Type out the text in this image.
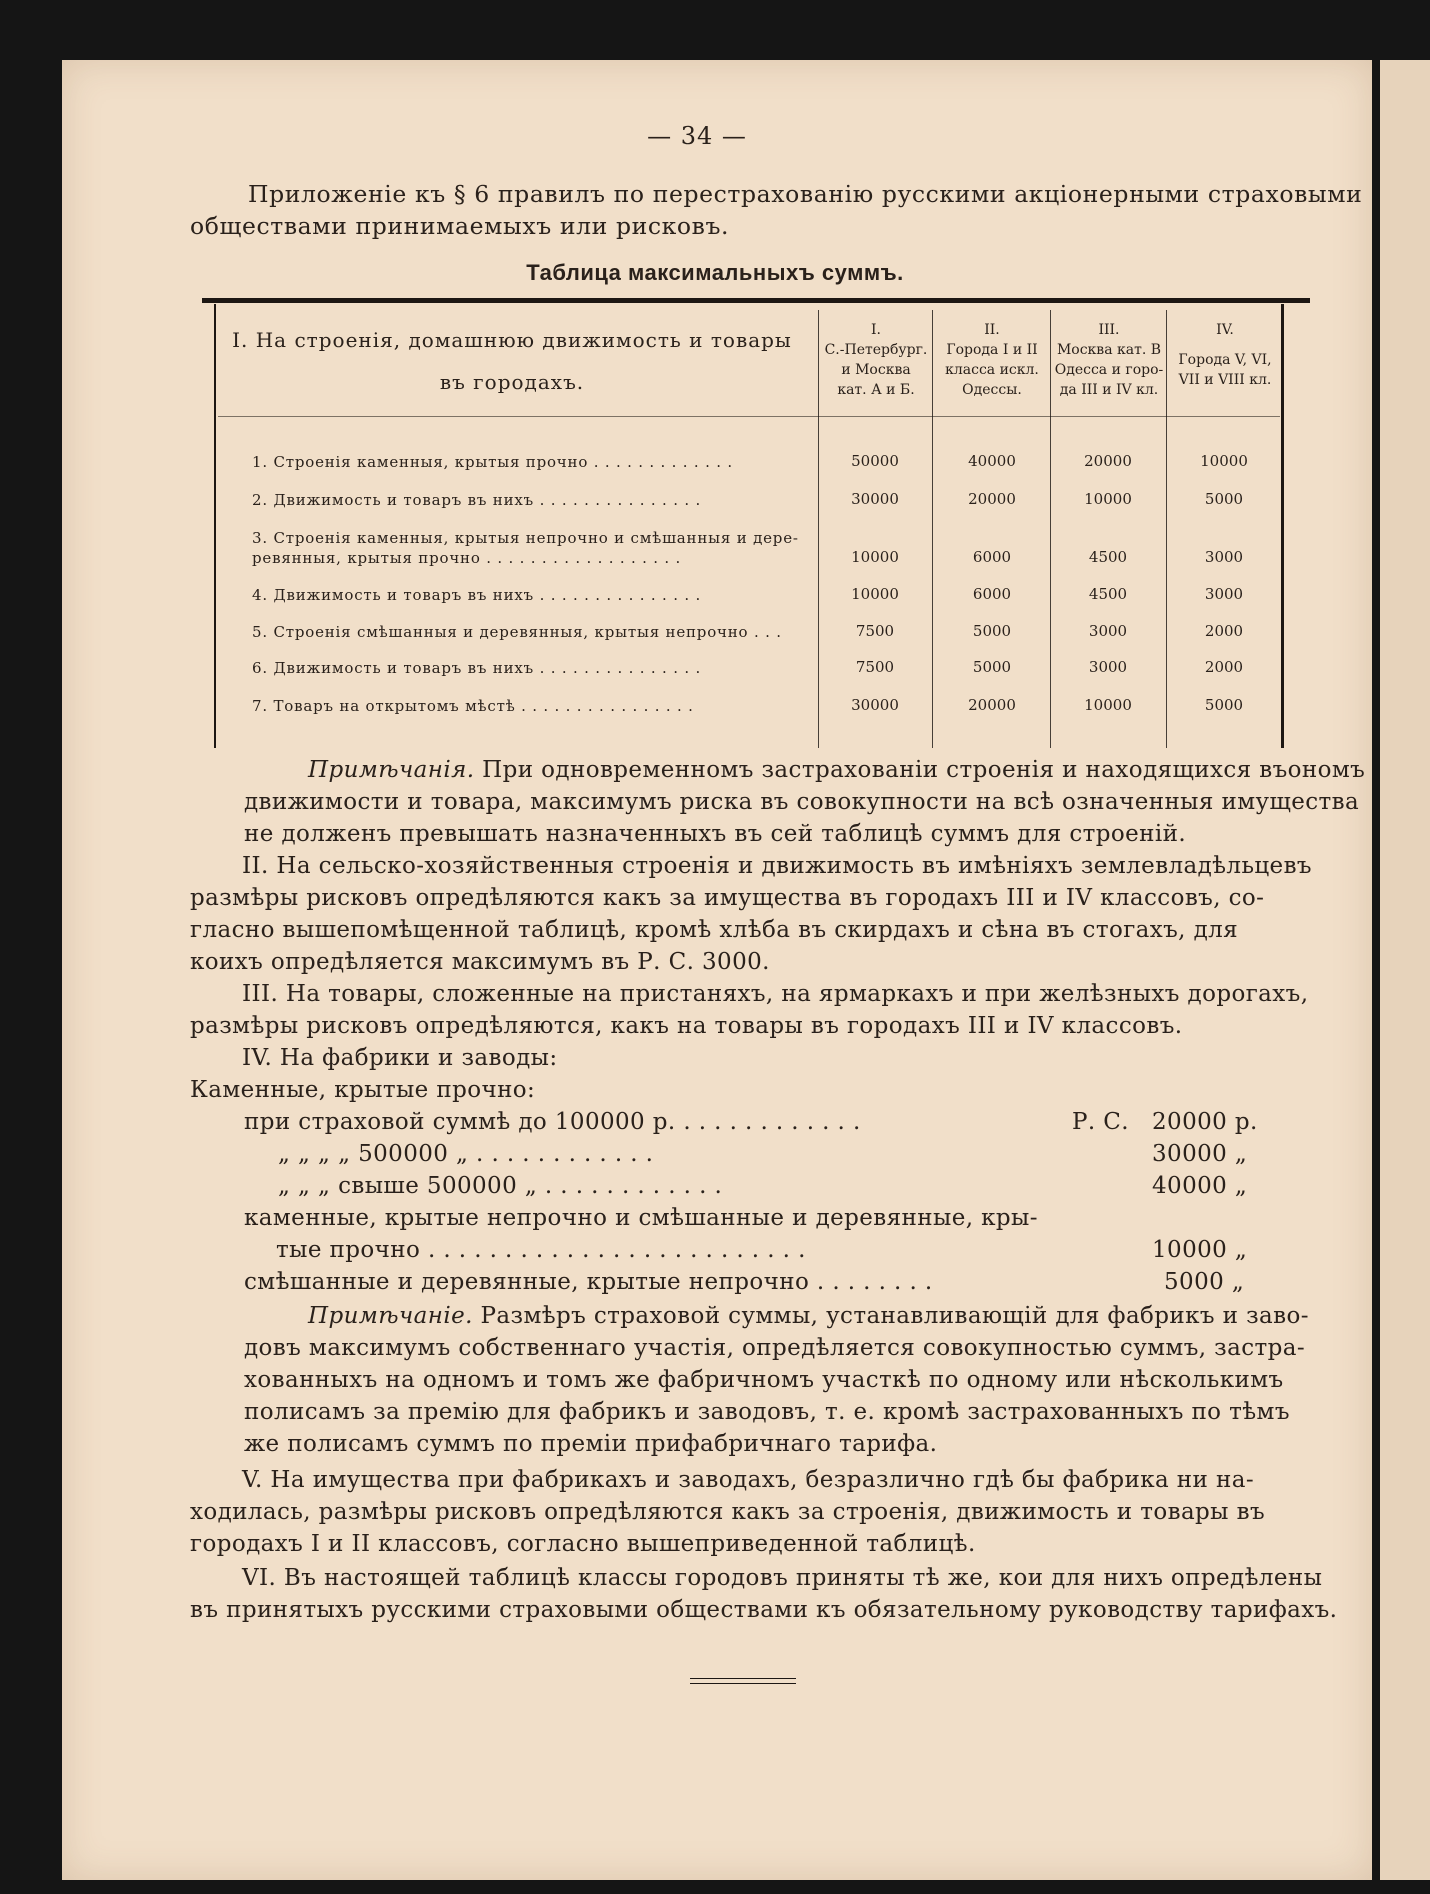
— 34 —
Приложеніе къ § 6 правилъ по перестрахованію русскими акціонерными страховыми
обществами принимаемыхъ или рисковъ.
Таблица максимальныхъ суммъ.
I. На строенія, домашнюю движимость и товары
въ городахъ.
I.
С.-Петербург.
и Москва
кат. А и Б.
II.
Города I и II
класса искл.
Одессы.
III.
Москва кат. В
Одесса и горо-
да III и IV кл.
IV.
Города V, VI,
VII и VIII кл.
1. Строенія каменныя, крытыя прочно . . . . . . . . . . . . .	50000	40000	20000	10000
2. Движимость и товаръ въ нихъ . . . . . . . . . . . . . . .	30000	20000	10000	5000
3. Строенія каменныя, крытыя непрочно и смѣшанныя и дере-
ревянныя, крытыя прочно . . . . . . . . . . . . . . . . . .	10000	6000	4500	3000
4. Движимость и товаръ въ нихъ . . . . . . . . . . . . . . .	10000	6000	4500	3000
5. Строенія смѣшанныя и деревянныя, крытыя непрочно . . .	7500	5000	3000	2000
6. Движимость и товаръ въ нихъ . . . . . . . . . . . . . . .	7500	5000	3000	2000
7. Товаръ на открытомъ мѣстѣ . . . . . . . . . . . . . . . .	30000	20000	10000	5000
Примѣчанія. При одновременномъ застрахованіи строенія и находящихся въономъ
движимости и товара, максимумъ риска въ совокупности на всѣ означенныя имущества
не долженъ превышать назначенныхъ въ сей таблицѣ суммъ для строеній.
II. На сельско-хозяйственныя строенія и движимость въ имѣніяхъ землевладѣльцевъ
размѣры рисковъ опредѣляются какъ за имущества въ городахъ III и IV классовъ, со-
гласно вышепомѣщенной таблицѣ, кромѣ хлѣба въ скирдахъ и сѣна въ стогахъ, для
коихъ опредѣляется максимумъ въ Р. С. 3000.
III. На товары, сложенные на пристаняхъ, на ярмаркахъ и при желѣзныхъ дорогахъ,
размѣры рисковъ опредѣляются, какъ на товары въ городахъ III и IV классовъ.
IV. На фабрики и заводы:
Каменные, крытые прочно:
при страховой суммѣ до 100000 р. . . . . . . . . . . . .	Р. С. 20000 р.
„ „ „ „ 500000 „ . . . . . . . . . . . .	30000 „
„ „ „ свыше 500000 „ . . . . . . . . . . . .	40000 „
каменные, крытые непрочно и смѣшанные и деревянные, кры-
тые прочно . . . . . . . . . . . . . . . . . . . . . . . . .	10000 „
смѣшанные и деревянные, крытые непрочно . . . . . . . .	5000 „
Примѣчаніе. Размѣръ страховой суммы, устанавливающій для фабрикъ и заво-
довъ максимумъ собственнаго участія, опредѣляется совокупностью суммъ, застра-
хованныхъ на одномъ и томъ же фабричномъ участкѣ по одному или нѣсколькимъ
полисамъ за премію для фабрикъ и заводовъ, т. е. кромѣ застрахованныхъ по тѣмъ
же полисамъ суммъ по преміи прифабричнаго тарифа.
V. На имущества при фабрикахъ и заводахъ, безразлично гдѣ бы фабрика ни на-
ходилась, размѣры рисковъ опредѣляются какъ за строенія, движимость и товары въ
городахъ I и II классовъ, согласно вышеприведенной таблицѣ.
VI. Въ настоящей таблицѣ классы городовъ приняты тѣ же, кои для нихъ опредѣлены
въ принятыхъ русскими страховыми обществами къ обязательному руководству тарифахъ.
